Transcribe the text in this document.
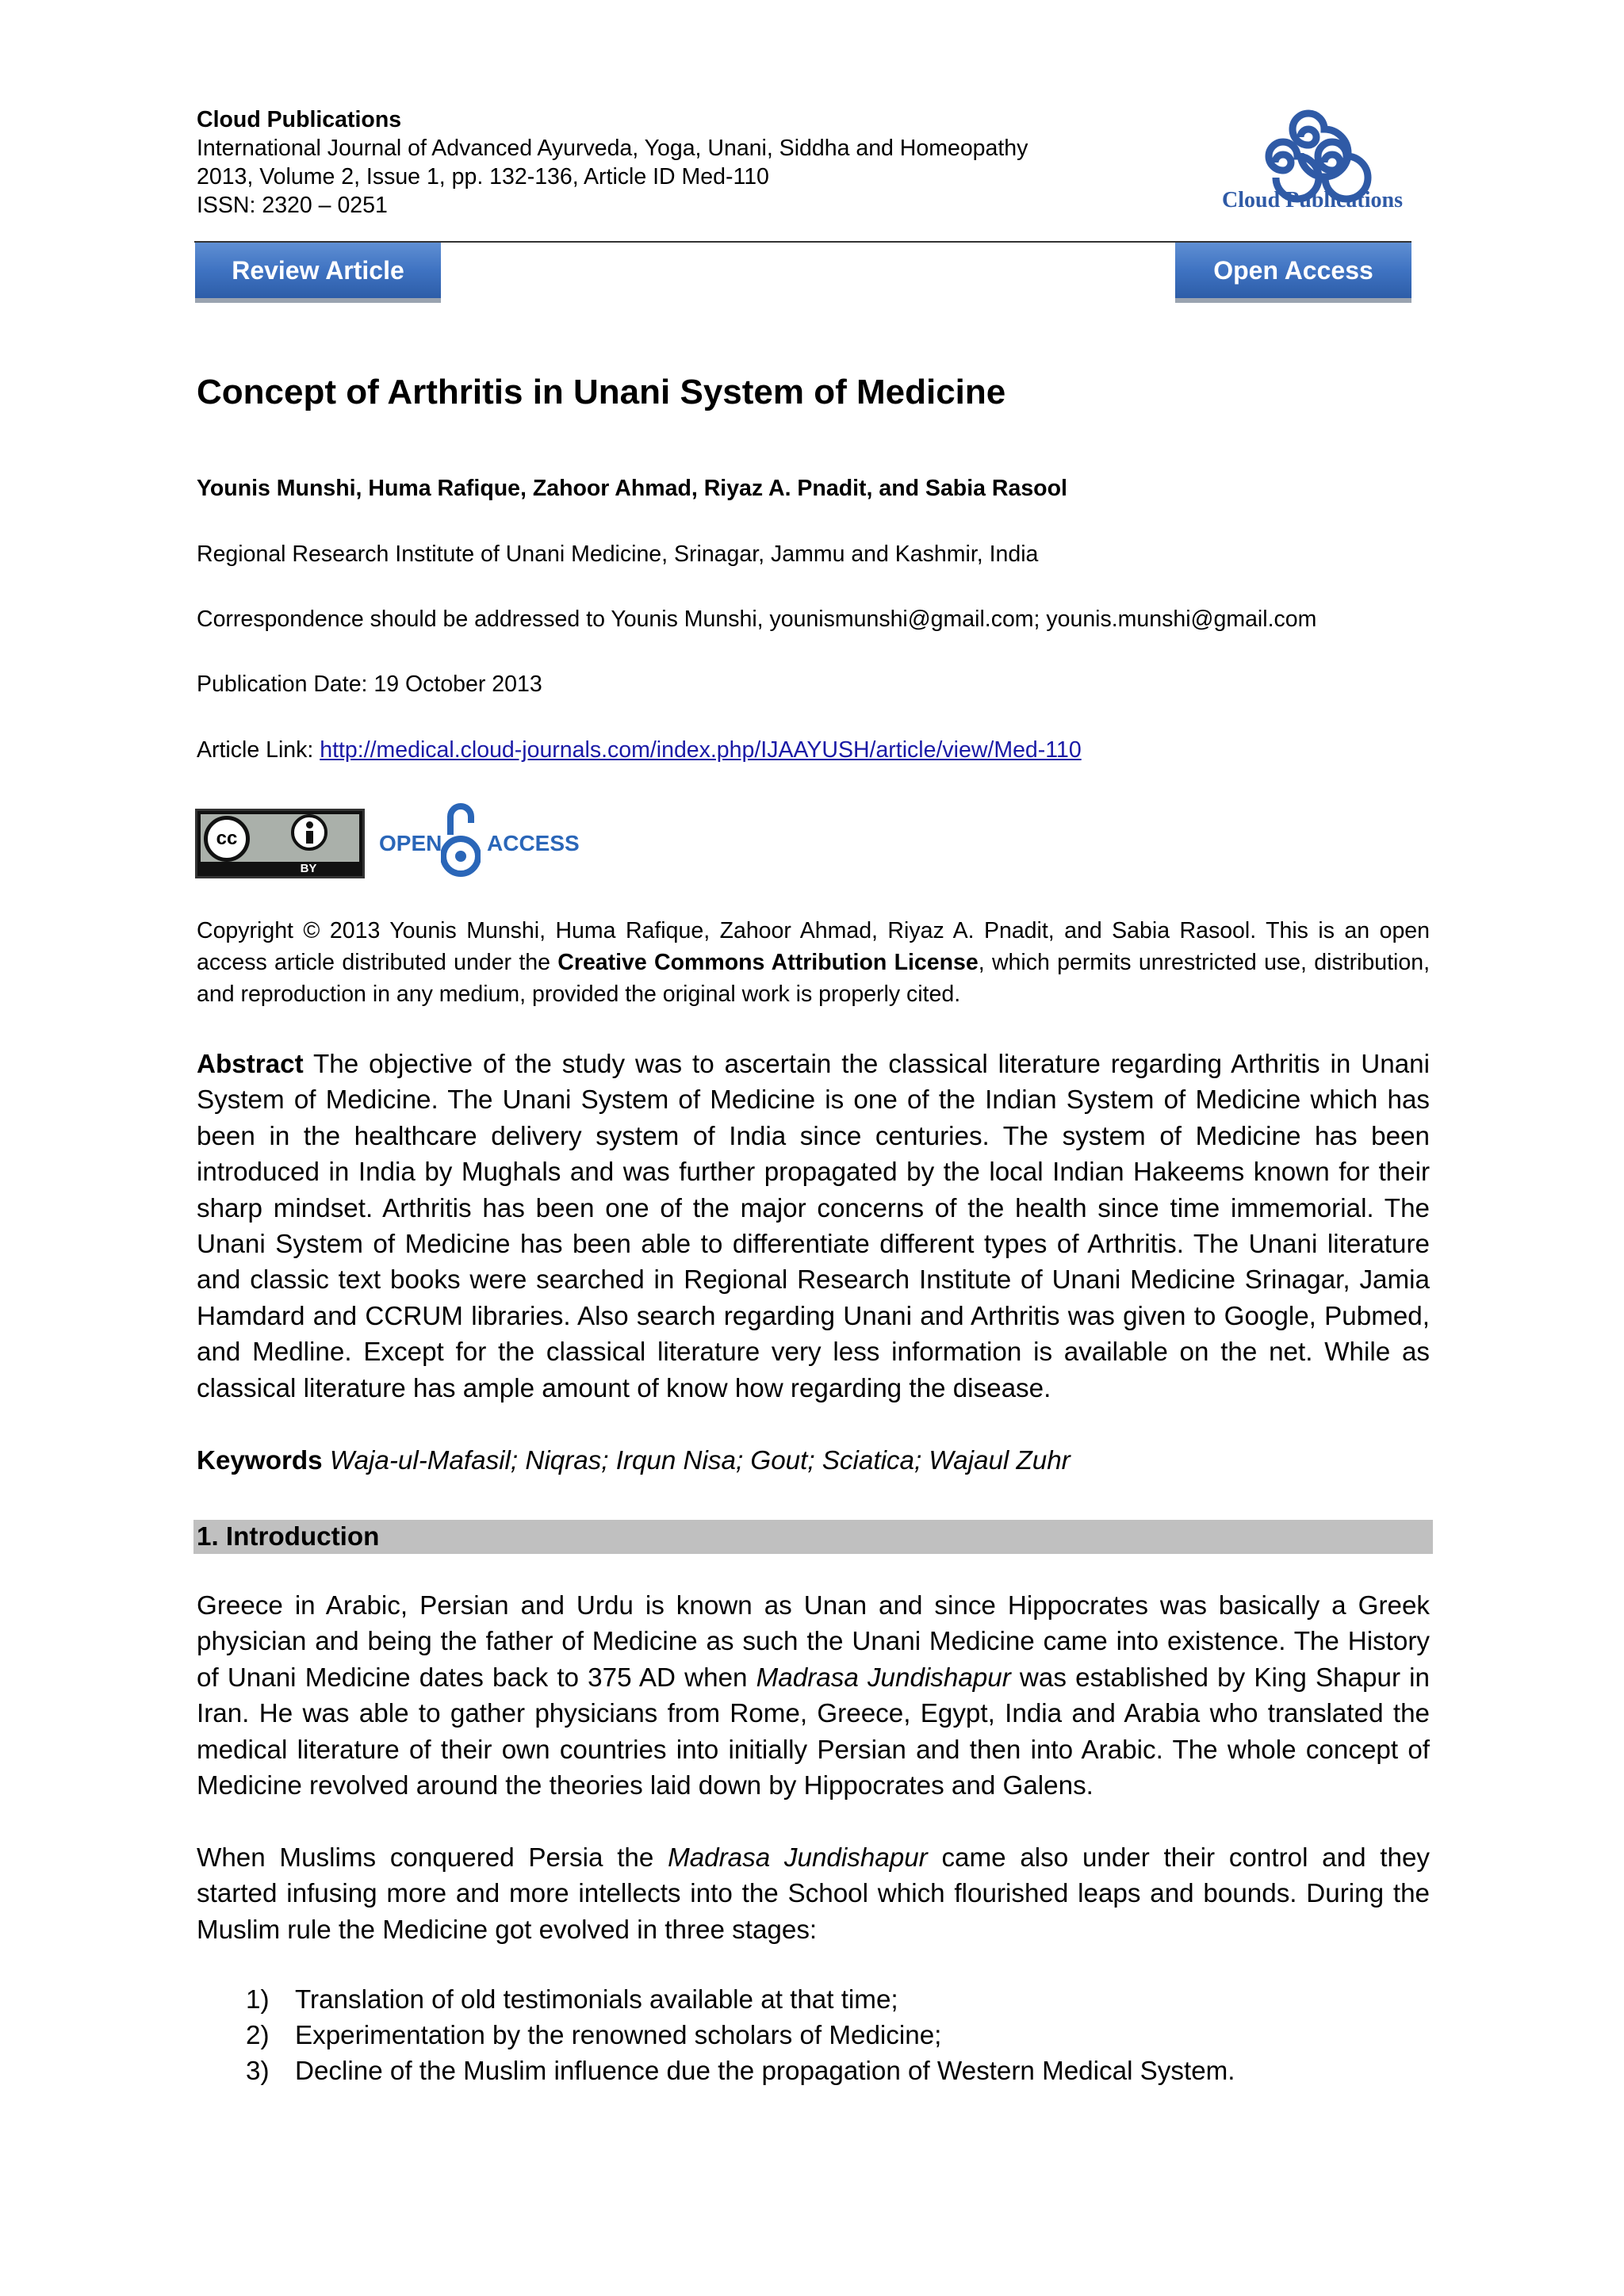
Cloud Publications
International Journal of Advanced Ayurveda, Yoga, Unani, Siddha and Homeopathy
2013, Volume 2, Issue 1, pp. 132-136, Article ID Med-110
ISSN: 2320 – 0251	Cloud Publications
Review Article	Open Access
Concept of Arthritis in Unani System of Medicine
Younis Munshi, Huma Rafique, Zahoor Ahmad, Riyaz A. Pnadit, and Sabia Rasool
Regional Research Institute of Unani Medicine, Srinagar, Jammu and Kashmir, India
Correspondence should be addressed to Younis Munshi, younismunshi@gmail.com; younis.munshi@gmail.com
Publication Date: 19 October 2013
Article Link: http://medical.cloud-journals.com/index.php/IJAAYUSH/article/view/Med-110
cc
BY
OPEN ACCESS
Copyright © 2013 Younis Munshi, Huma Rafique, Zahoor Ahmad, Riyaz A. Pnadit, and Sabia Rasool. This is an open access article distributed under the Creative Commons Attribution License, which permits unrestricted use, distribution, and reproduction in any medium, provided the original work is properly cited.
Abstract The objective of the study was to ascertain the classical literature regarding Arthritis in Unani System of Medicine. The Unani System of Medicine is one of the Indian System of Medicine which has been in the healthcare delivery system of India since centuries. The system of Medicine has been introduced in India by Mughals and was further propagated by the local Indian Hakeems known for their sharp mindset. Arthritis has been one of the major concerns of the health since time immemorial. The Unani System of Medicine has been able to differentiate different types of Arthritis. The Unani literature and classic text books were searched in Regional Research Institute of Unani Medicine Srinagar, Jamia Hamdard and CCRUM libraries. Also search regarding Unani and Arthritis was given to Google, Pubmed, and Medline. Except for the classical literature very less information is available on the net. While as classical literature has ample amount of know how regarding the disease.
Keywords Waja-ul-Mafasil; Niqras; Irqun Nisa; Gout; Sciatica; Wajaul Zuhr
1. Introduction
Greece in Arabic, Persian and Urdu is known as Unan and since Hippocrates was basically a Greek physician and being the father of Medicine as such the Unani Medicine came into existence. The History of Unani Medicine dates back to 375 AD when Madrasa Jundishapur was established by King Shapur in Iran. He was able to gather physicians from Rome, Greece, Egypt, India and Arabia who translated the medical literature of their own countries into initially Persian and then into Arabic. The whole concept of Medicine revolved around the theories laid down by Hippocrates and Galens.
When Muslims conquered Persia the Madrasa Jundishapur came also under their control and they started infusing more and more intellects into the School which flourished leaps and bounds. During the Muslim rule the Medicine got evolved in three stages:
1) Translation of old testimonials available at that time;
2) Experimentation by the renowned scholars of Medicine;
3) Decline of the Muslim influence due the propagation of Western Medical System.
